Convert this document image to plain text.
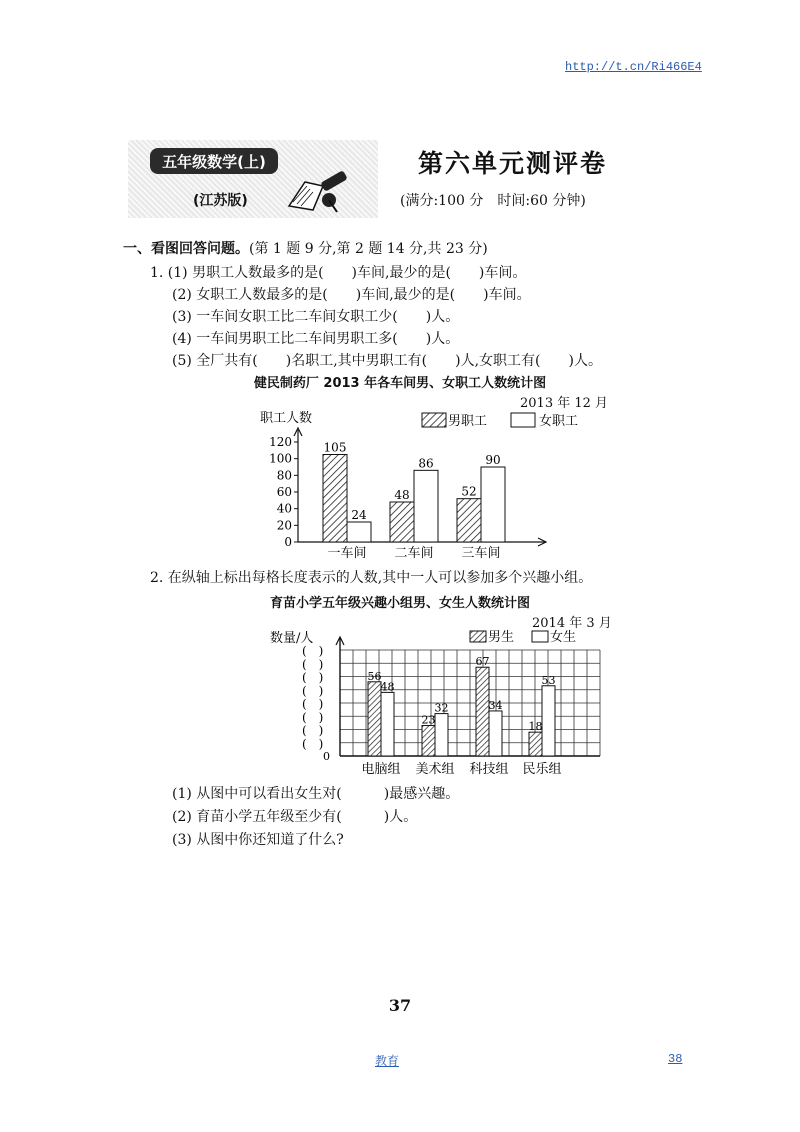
http://t.cn/Ri466E4
五年级数学(上)
(江苏版)
第六单元测评卷
(满分:100 分　时间:60 分钟)
一、看图回答问题。(第 1 题 9 分,第 2 题 14 分,共 23 分)
1. (1) 男职工人数最多的是(　　)车间,最少的是(　　)车间。
(2) 女职工人数最多的是(　　)车间,最少的是(　　)车间。
(3) 一车间女职工比二车间女职工少(　　)人。
(4) 一车间男职工比二车间男职工多(　　)人。
(5) 全厂共有(　　)名职工,其中男职工有(　　)人,女职工有(　　)人。
健民制药厂 2013 年各车间男、女职工人数统计图
2013 年 12 月
0
20
40
60
80
100
120
职工人数	男职工	女职工
105
24
一车间
48
86
二车间
52
90
三车间
2. 在纵轴上标出每格长度表示的人数,其中一人可以参加多个兴趣小组。
育苗小学五年级兴趣小组男、女生人数统计图
2014 年 3 月
数量/人
0
(　)
(　)
(　)
(　)
(　)
(　)
(　)
(　)
男生	女生
56
48
电脑组
23
32
美术组
67
34
科技组
18
53
民乐组
(1) 从图中可以看出女生对(　　　)最感兴趣。
(2) 育苗小学五年级至少有(　　　)人。
(3) 从图中你还知道了什么?
37
教育	38
